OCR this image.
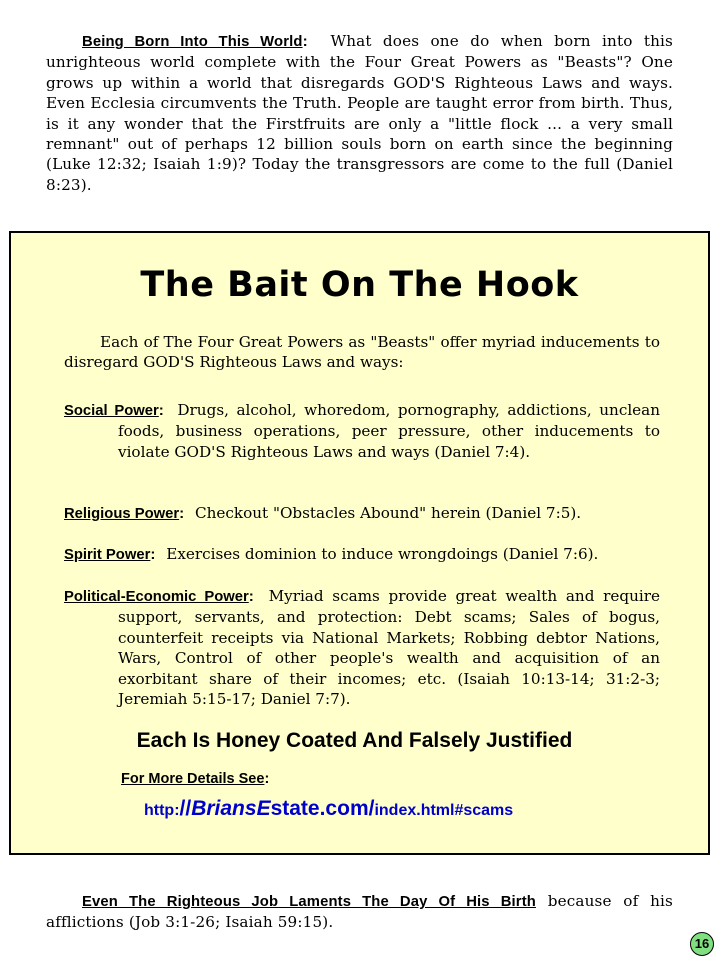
Being Born Into This World: What does one do when born into this unrighteous world complete with the Four Great Powers as "Beasts"? One grows up within a world that disregards GOD'S Righteous Laws and ways. Even Ecclesia circumvents the Truth. People are taught error from birth. Thus, is it any wonder that the Firstfruits are only a "little flock ... a very small remnant" out of perhaps 12 billion souls born on earth since the beginning (Luke 12:32; Isaiah 1:9)? Today the transgressors are come to the full (Daniel 8:23).

The Bait On The Hook

Each of The Four Great Powers as "Beasts" offer myriad inducements to disregard GOD'S Righteous Laws and ways:

Social Power: Drugs, alcohol, whoredom, pornography, addictions, unclean foods, business operations, peer pressure, other inducements to violate GOD'S Righteous Laws and ways (Daniel 7:4).

Religious Power: Checkout "Obstacles Abound" herein (Daniel 7:5).

Spirit Power: Exercises dominion to induce wrongdoings (Daniel 7:6).

Political-Economic Power: Myriad scams provide great wealth and require support, servants, and protection: Debt scams; Sales of bogus, counterfeit receipts via National Markets; Robbing debtor Nations, Wars, Control of other people's wealth and acquisition of an exorbitant share of their incomes; etc. (Isaiah 10:13-14; 31:2-3; Jeremiah 5:15-17; Daniel 7:7).

Each Is Honey Coated And Falsely Justified
For More Details See:
http://BriansEstate.com/index.html#scams

Even The Righteous Job Laments The Day Of His Birth because of his afflictions (Job 3:1-26; Isaiah 59:15).

16
